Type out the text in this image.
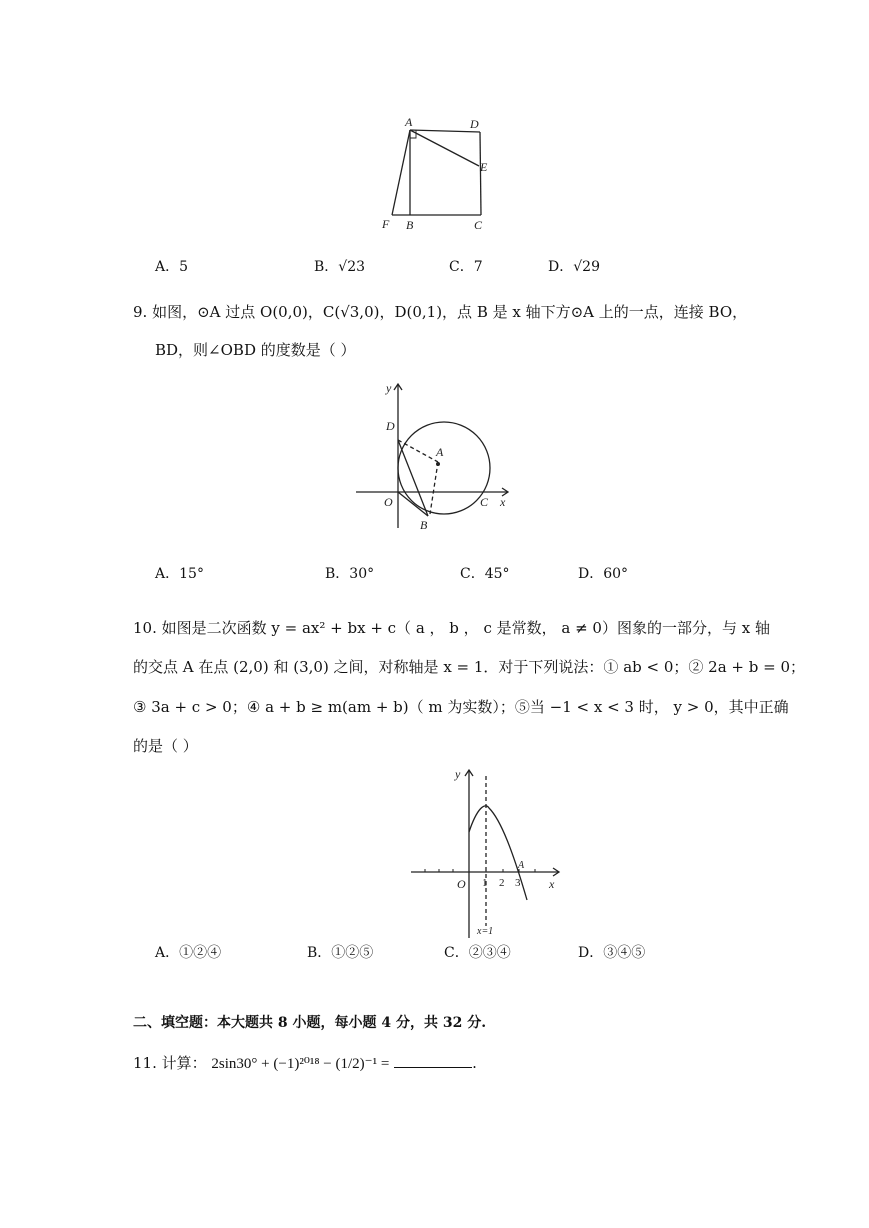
A	D
E
F B	C
A．5	B．√23	C．7	D．√29
9. 如图，⊙A 过点 O(0,0)，C(√3,0)，D(0,1)，点 B 是 x 轴下方⊙A 上的一点，连接 BO，
BD，则∠OBD 的度数是（ ）
y
D
A
O
B
C x
A．15°	B．30°	C．45°	D．60°
10. 如图是二次函数 y = ax² + bx + c（ a ， b ， c 是常数， a ≠ 0）图象的一部分，与 x 轴
的交点 A 在点 (2,0) 和 (3,0) 之间，对称轴是 x = 1．对于下列说法：① ab < 0；② 2a + b = 0；
③ 3a + c > 0；④ a + b ≥ m(am + b)（ m 为实数）；⑤当 −1 < x < 3 时， y > 0，其中正确
的是（ ）
y
O 1 2
A
3 x
x=1
A．①②④	B．①②⑤	C．②③④	D．③④⑤
二、填空题：本大题共 8 小题，每小题 4 分，共 32 分.
11. 计算： 2sin30° + (−1)²⁰¹⁸ − (1/2)⁻¹ =	.
